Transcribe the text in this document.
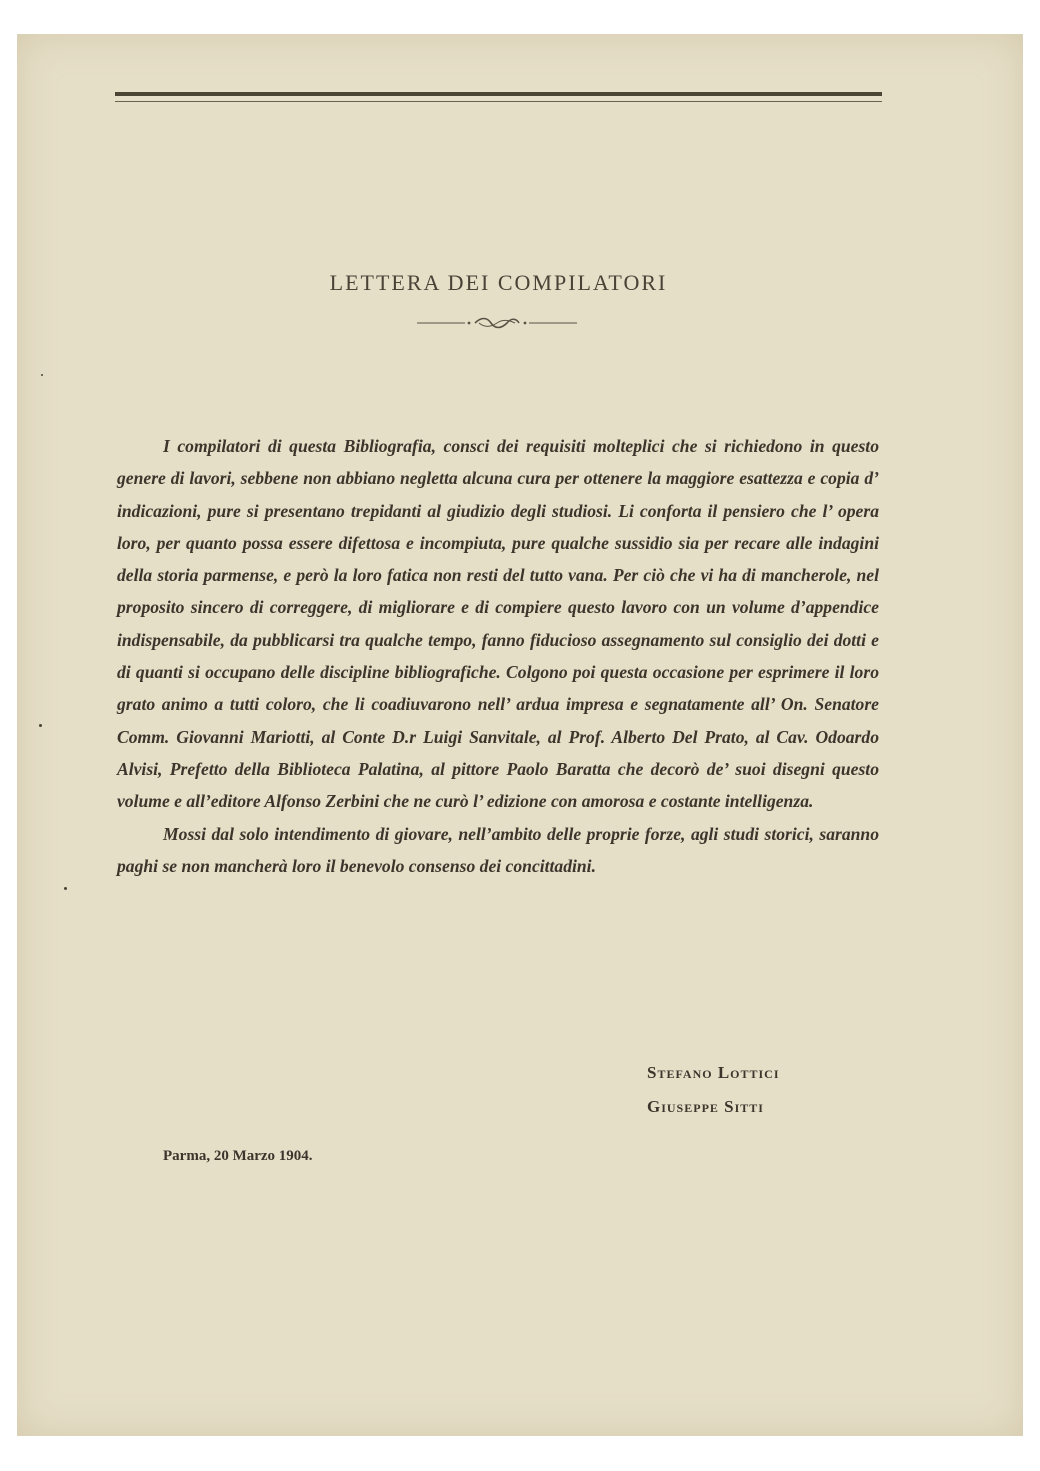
LETTERA DEI COMPILATORI

I compilatori di questa Bibliografia, consci dei requisiti molteplici che si richiedono in questo genere di lavori, sebbene non abbiano negletta alcuna cura per ottenere la maggiore esattezza e copia d’ indicazioni, pure si presentano trepidanti al giudizio degli studiosi. Li conforta il pensiero che l’ opera loro, per quanto possa essere difettosa e incompiuta, pure qualche sussidio sia per recare alle indagini della storia parmense, e però la loro fatica non resti del tutto vana. Per ciò che vi ha di mancherole, nel proposito sincero di correggere, di migliorare e di compiere questo lavoro con un volume d’appendice indispensabile, da pubblicarsi tra qualche tempo, fanno fiducioso assegnamento sul consiglio dei dotti e di quanti si occupano delle discipline bibliografiche. Colgono poi questa occasione per esprimere il loro grato animo a tutti coloro, che li coadiuvarono nell’ ardua impresa e segnatamente all’ On. Senatore Comm. Giovanni Mariotti, al Conte D.r Luigi Sanvitale, al Prof. Alberto Del Prato, al Cav. Odoardo Alvisi, Prefetto della Biblioteca Palatina, al pittore Paolo Baratta che decorò de’ suoi disegni questo volume e all’editore Alfonso Zerbini che ne curò l’ edizione con amorosa e costante intelligenza.

Mossi dal solo intendimento di giovare, nell’ambito delle proprie forze, agli studi storici, saranno paghi se non mancherà loro il benevolo consenso dei concittadini.

Stefano Lottici
Giuseppe Sitti
Parma, 20 Marzo 1904.
